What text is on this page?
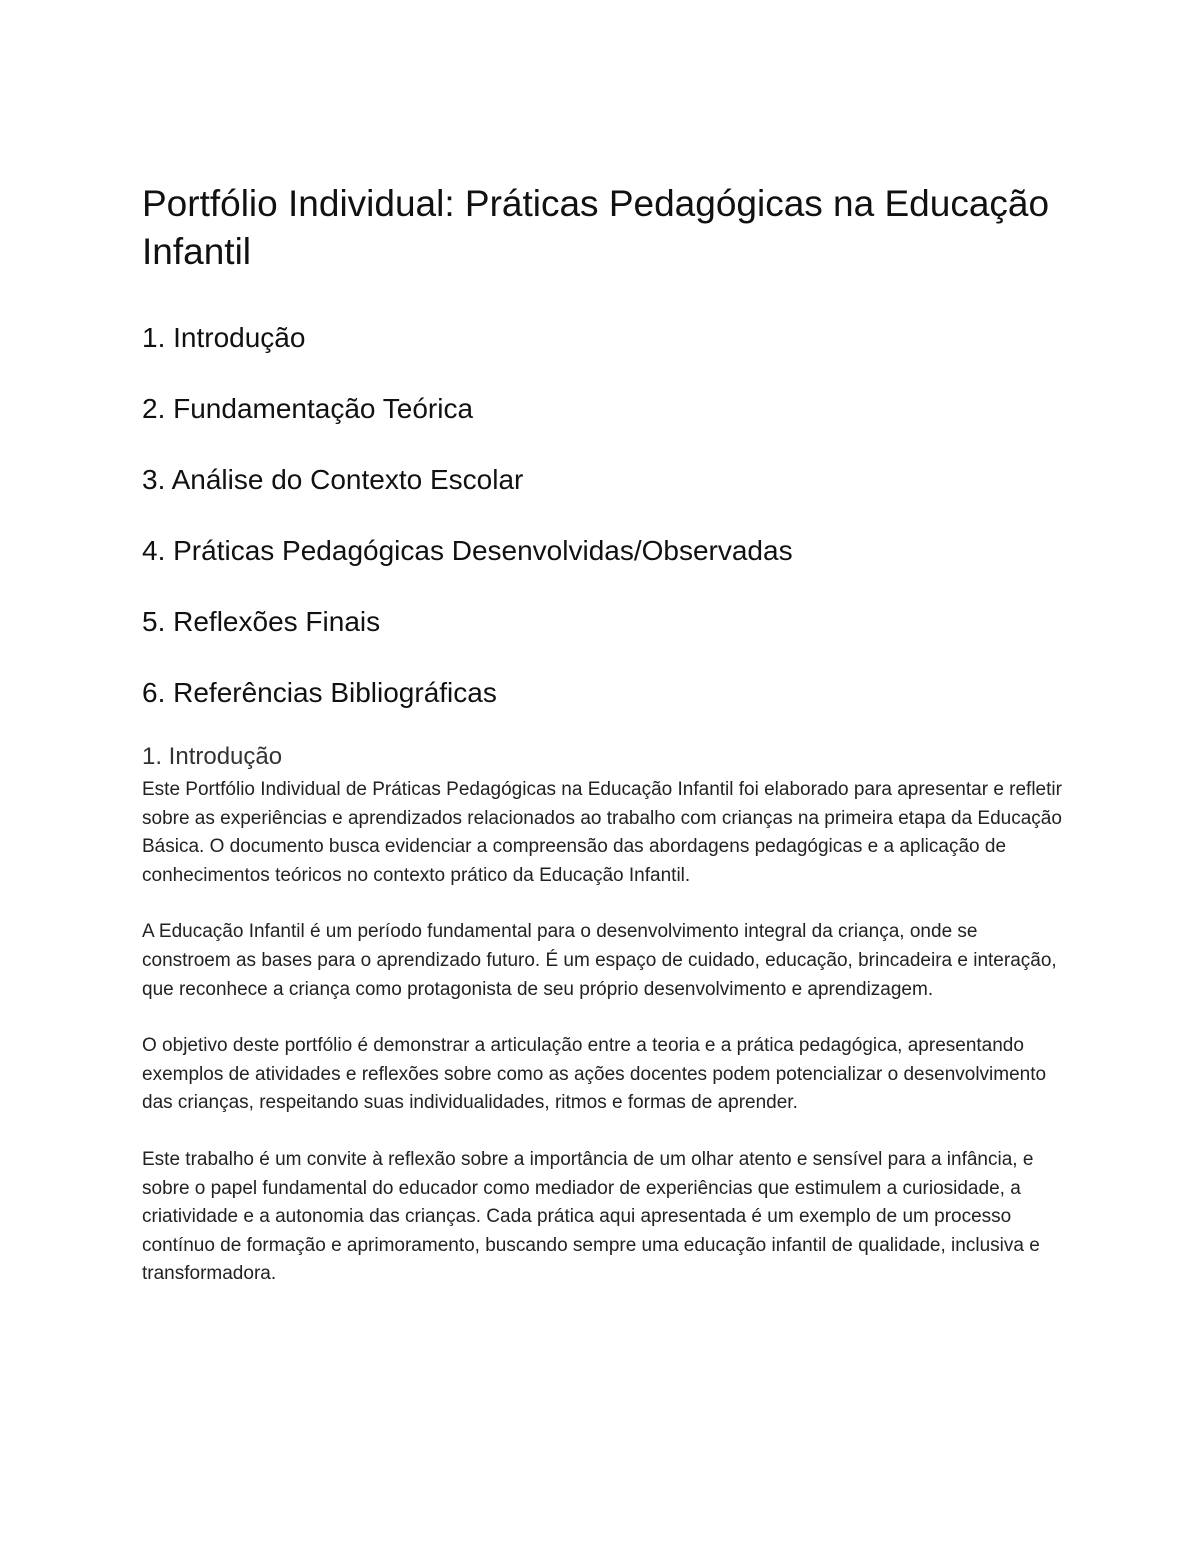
Portfólio Individual: Práticas Pedagógicas na Educação Infantil
1. Introdução
2. Fundamentação Teórica
3. Análise do Contexto Escolar
4. Práticas Pedagógicas Desenvolvidas/Observadas
5. Reflexões Finais
6. Referências Bibliográficas
1. Introdução

Este Portfólio Individual de Práticas Pedagógicas na Educação Infantil foi elaborado para apresentar e refletir sobre as experiências e aprendizados relacionados ao trabalho com crianças na primeira etapa da Educação Básica. O documento busca evidenciar a compreensão das abordagens pedagógicas e a aplicação de conhecimentos teóricos no contexto prático da Educação Infantil.

A Educação Infantil é um período fundamental para o desenvolvimento integral da criança, onde se constroem as bases para o aprendizado futuro. É um espaço de cuidado, educação, brincadeira e interação, que reconhece a criança como protagonista de seu próprio desenvolvimento e aprendizagem.

O objetivo deste portfólio é demonstrar a articulação entre a teoria e a prática pedagógica, apresentando exemplos de atividades e reflexões sobre como as ações docentes podem potencializar o desenvolvimento das crianças, respeitando suas individualidades, ritmos e formas de aprender.

Este trabalho é um convite à reflexão sobre a importância de um olhar atento e sensível para a infância, e sobre o papel fundamental do educador como mediador de experiências que estimulem a curiosidade, a criatividade e a autonomia das crianças. Cada prática aqui apresentada é um exemplo de um processo contínuo de formação e aprimoramento, buscando sempre uma educação infantil de qualidade, inclusiva e transformadora.
